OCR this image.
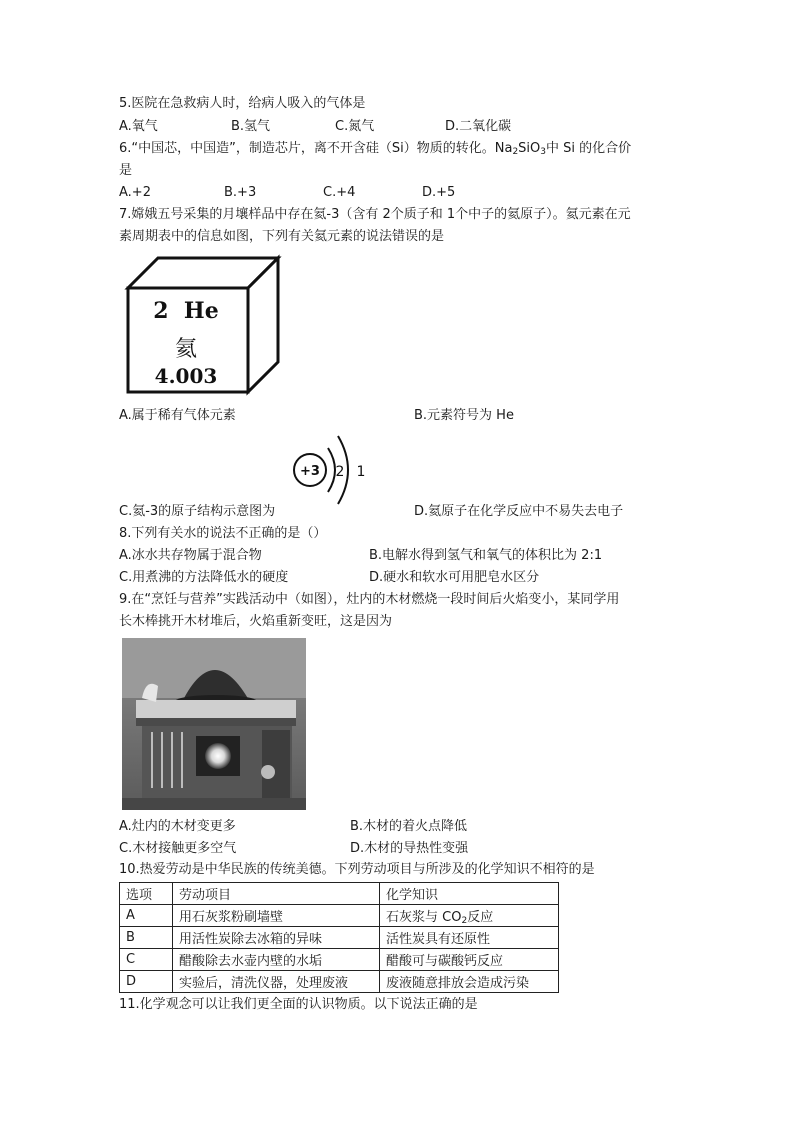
5.医院在急救病人时，给病人吸入的气体是
A.氧气	B.氢气	C.氮气	D.二氧化碳
6.“中国芯，中国造”，制造芯片，离不开含硅（Si）物质的转化。$Na_2SiO_3$中 Si 的化合价
是
A.+2	B.+3	C.+4	D.+5
7.嫦娥五号采集的月壤样品中存在氦-3（含有 2个质子和 1个中子的氦原子）。氦元素在元
素周期表中的信息如图，下列有关氦元素的说法错误的是
2 He
氦
4.003
A.属于稀有气体元素	B.元素符号为 He
+3 2 1
C.氦-3的原子结构示意图为	D.氦原子在化学反应中不易失去电子
8.下列有关水的说法不正确的是（）
A.冰水共存物属于混合物	B.电解水得到氢气和氧气的体积比为 2:1
C.用煮沸的方法降低水的硬度	D.硬水和软水可用肥皂水区分
9.在“烹饪与营养”实践活动中（如图），灶内的木材燃烧一段时间后火焰变小，某同学用
长木棒挑开木材堆后，火焰重新变旺，这是因为
A.灶内的木材变更多	B.木材的着火点降低
C.木材接触更多空气	D.木材的导热性变强
10.热爱劳动是中华民族的传统美德。下列劳动项目与所涉及的化学知识不相符的是
选项	劳动项目	化学知识
A	用石灰浆粉刷墙壁	石灰浆与 $CO_2$反应
B	用活性炭除去冰箱的异味	活性炭具有还原性
C	醋酸除去水壶内壁的水垢	醋酸可与碳酸钙反应
D	实验后，清洗仪器，处理废液	废液随意排放会造成污染
11.化学观念可以让我们更全面的认识物质。以下说法正确的是
